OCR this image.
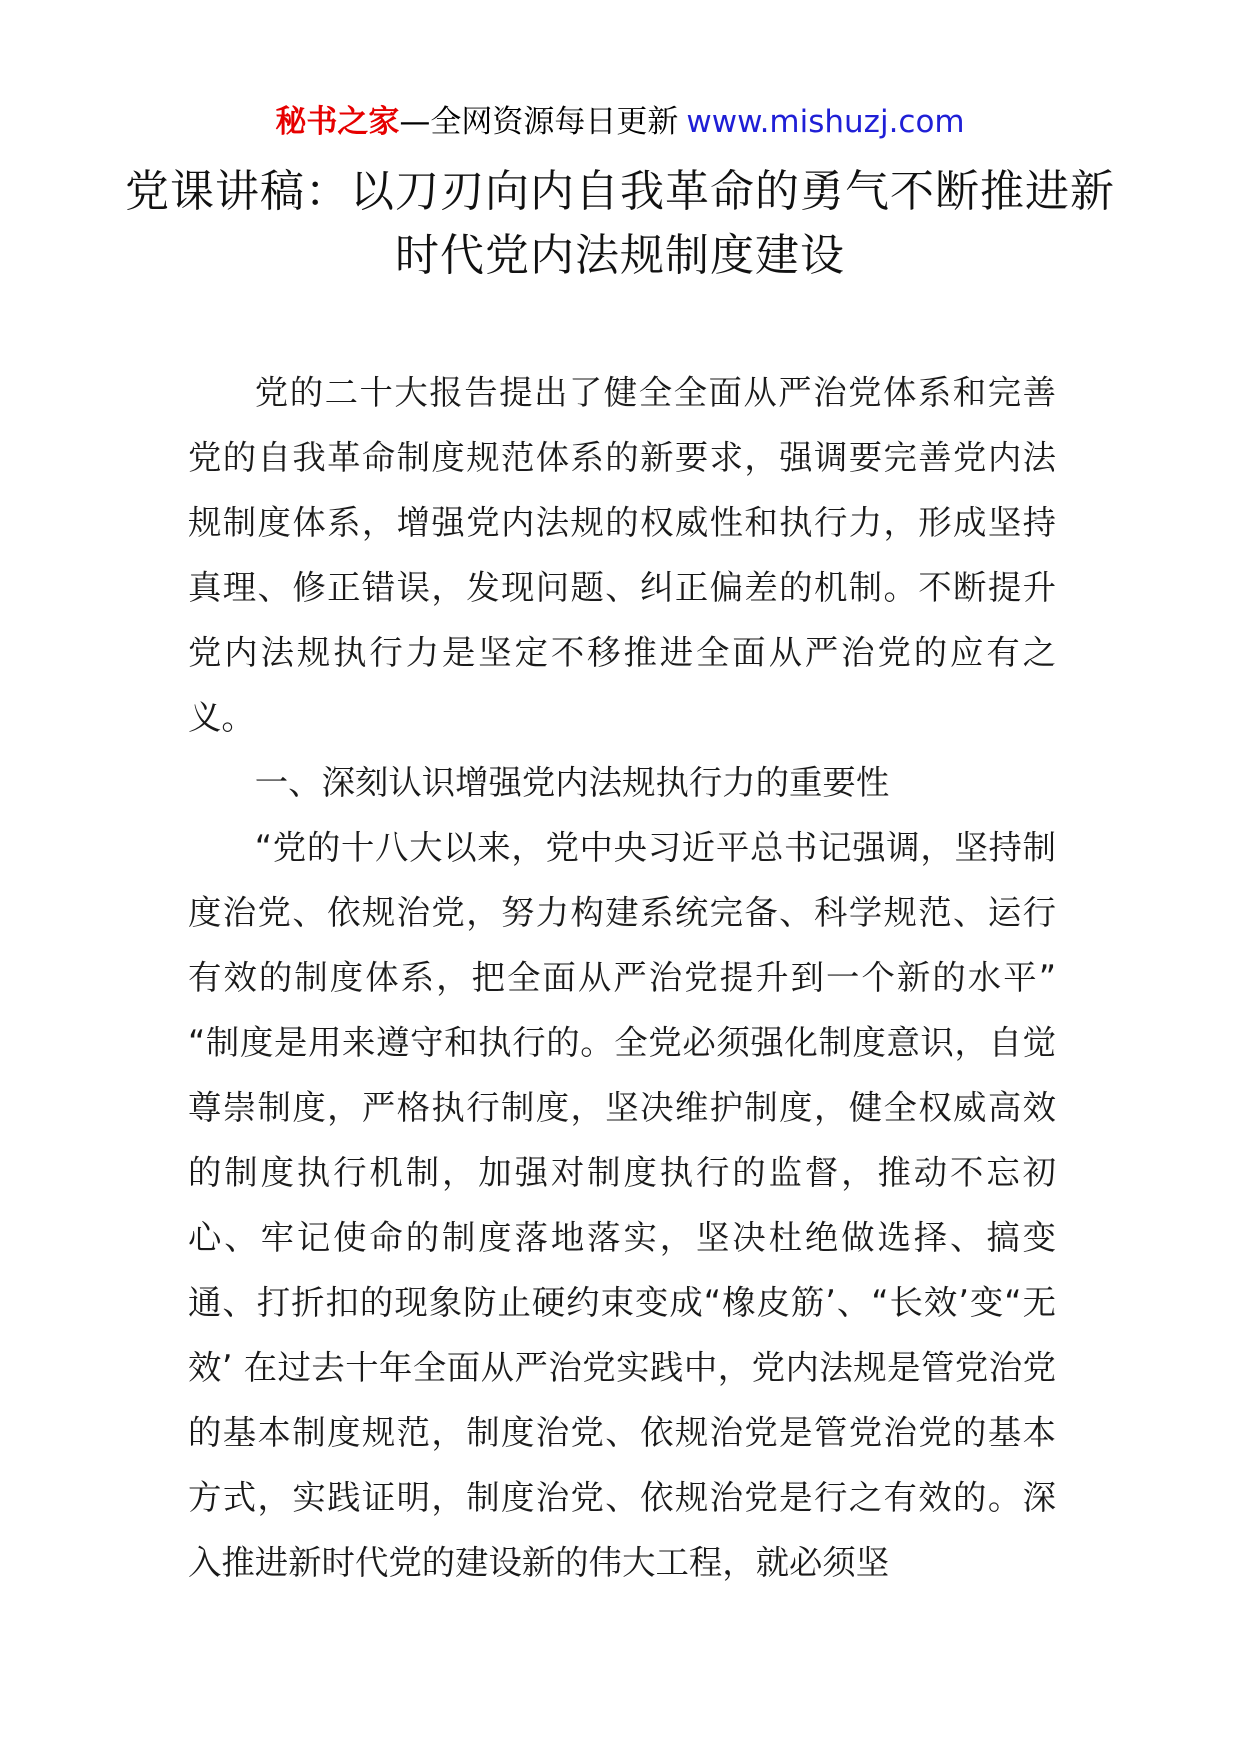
秘书之家—全网资源每日更新 www.mishuzj.com
党课讲稿：以刀刃向内自我革命的勇气不断推进新时代党内法规制度建设

党的二十大报告提出了健全全面从严治党体系和完善党的自我革命制度规范体系的新要求，强调要完善党内法规制度体系，增强党内法规的权威性和执行力，形成坚持真理、修正错误，发现问题、纠正偏差的机制。不断提升党内法规执行力是坚定不移推进全面从严治党的应有之义。

一、深刻认识增强党内法规执行力的重要性

“党的十八大以来，党中央习近平总书记强调，坚持制度治党、依规治党，努力构建系统完备、科学规范、运行有效的制度体系，把全面从严治党提升到一个新的水平” “制度是用来遵守和执行的。全党必须强化制度意识，自觉尊崇制度，严格执行制度，坚决维护制度，健全权威高效的制度执行机制，加强对制度执行的监督，推动不忘初心、牢记使命的制度落地落实，坚决杜绝做选择、搞变通、打折扣的现象防止硬约束变成“橡皮筋’、“长效’变“无效’ 在过去十年全面从严治党实践中，党内法规是管党治党的基本制度规范，制度治党、依规治党是管党治党的基本方式，实践证明，制度治党、依规治党是行之有效的。深入推进新时代党的建设新的伟大工程，就必须坚
